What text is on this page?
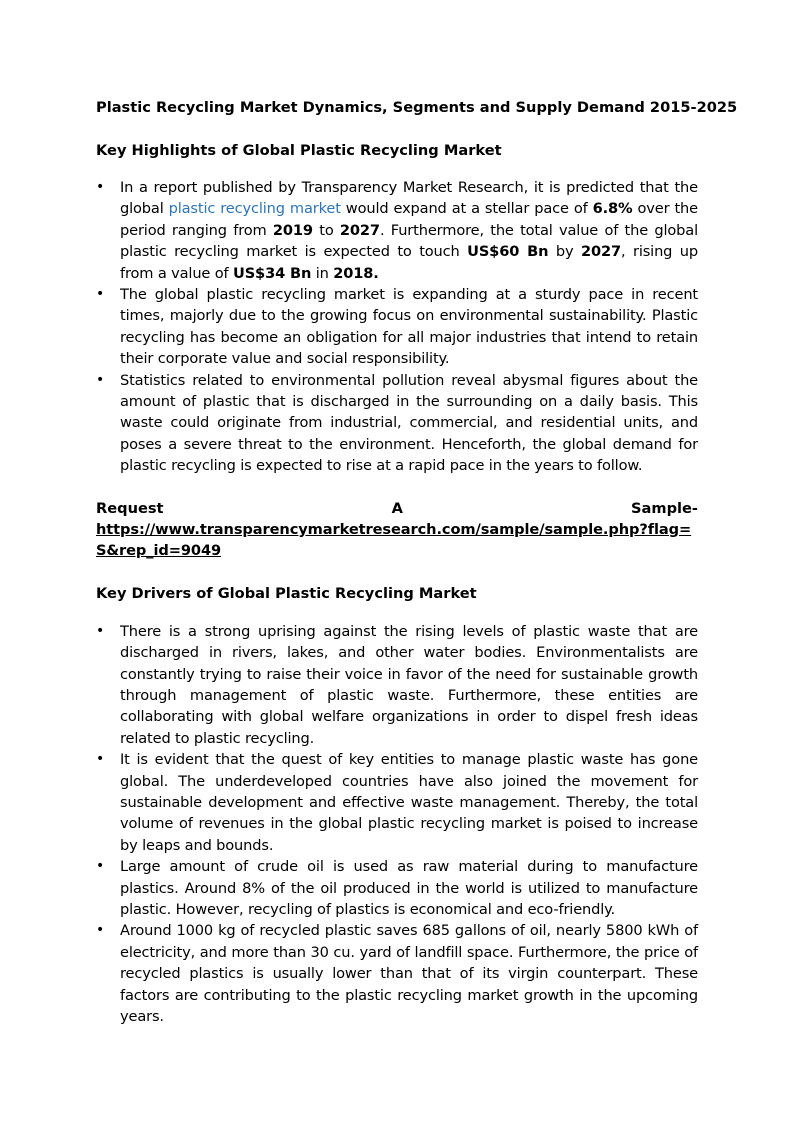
Plastic Recycling Market Dynamics, Segments and Supply Demand 2015-2025

Key Highlights of Global Plastic Recycling Market

• In a report published by Transparency Market Research, it is predicted that the global plastic recycling market would expand at a stellar pace of 6.8% over the period ranging from 2019 to 2027. Furthermore, the total value of the global plastic recycling market is expected to touch US$60 Bn by 2027, rising up from a value of US$34 Bn in 2018.
• The global plastic recycling market is expanding at a sturdy pace in recent times, majorly due to the growing focus on environmental sustainability. Plastic recycling has become an obligation for all major industries that intend to retain their corporate value and social responsibility.
• Statistics related to environmental pollution reveal abysmal figures about the amount of plastic that is discharged in the surrounding on a daily basis. This waste could originate from industrial, commercial, and residential units, and poses a severe threat to the environment. Henceforth, the global demand for plastic recycling is expected to rise at a rapid pace in the years to follow.
Request	A	Sample-
https://www.transparencymarketresearch.com/sample/sample.php?flag=S&rep_id=9049

Key Drivers of Global Plastic Recycling Market

• There is a strong uprising against the rising levels of plastic waste that are discharged in rivers, lakes, and other water bodies. Environmentalists are constantly trying to raise their voice in favor of the need for sustainable growth through management of plastic waste. Furthermore, these entities are collaborating with global welfare organizations in order to dispel fresh ideas related to plastic recycling.
• It is evident that the quest of key entities to manage plastic waste has gone global. The underdeveloped countries have also joined the movement for sustainable development and effective waste management. Thereby, the total volume of revenues in the global plastic recycling market is poised to increase by leaps and bounds.
• Large amount of crude oil is used as raw material during to manufacture plastics. Around 8% of the oil produced in the world is utilized to manufacture plastic. However, recycling of plastics is economical and eco-friendly.
• Around 1000 kg of recycled plastic saves 685 gallons of oil, nearly 5800 kWh of electricity, and more than 30 cu. yard of landfill space. Furthermore, the price of recycled plastics is usually lower than that of its virgin counterpart. These factors are contributing to the plastic recycling market growth in the upcoming years.
